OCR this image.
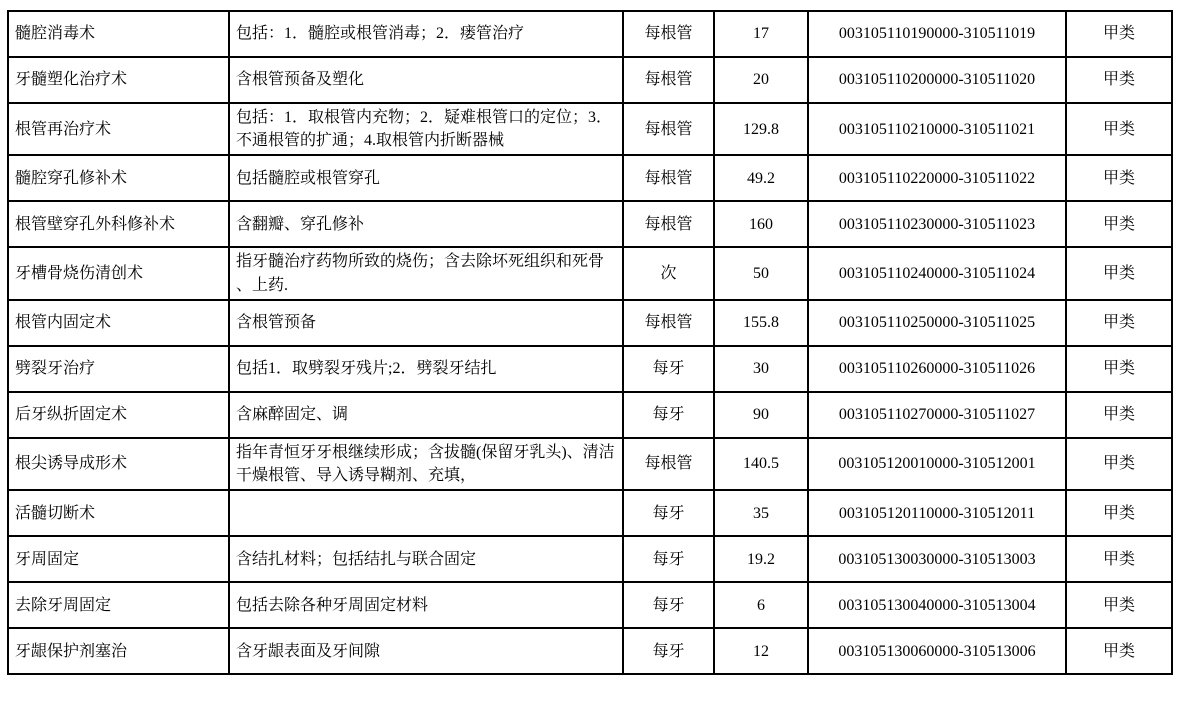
髓腔消毒术	包括：1．髓腔或根管消毒；2．瘘管治疗	每根管	17	003105110190000-310511019	甲类
牙髓塑化治疗术	含根管预备及塑化	每根管	20	003105110200000-310511020	甲类
根管再治疗术	包括：1．取根管内充物；2．疑难根管口的定位；3．不通根管的扩通；4.取根管内折断器械	每根管	129.8	003105110210000-310511021	甲类
髓腔穿孔修补术	包括髓腔或根管穿孔	每根管	49.2	003105110220000-310511022	甲类
根管壁穿孔外科修补术	含翻瓣、穿孔修补	每根管	160	003105110230000-310511023	甲类
牙槽骨烧伤清创术	指牙髓治疗药物所致的烧伤；含去除坏死组织和死骨、上药.	次	50	003105110240000-310511024	甲类
根管内固定术	含根管预备	每根管	155.8	003105110250000-310511025	甲类
劈裂牙治疗	包括1．取劈裂牙残片;2．劈裂牙结扎	每牙	30	003105110260000-310511026	甲类
后牙纵折固定术	含麻醉固定、调	每牙	90	003105110270000-310511027	甲类
根尖诱导成形术	指年青恒牙牙根继续形成；含拔髓(保留牙乳头)、清洁干燥根管、导入诱导糊剂、充填，	每根管	140.5	003105120010000-310512001	甲类
活髓切断术		每牙	35	003105120110000-310512011	甲类
牙周固定	含结扎材料；包括结扎与联合固定	每牙	19.2	003105130030000-310513003	甲类
去除牙周固定	包括去除各种牙周固定材料	每牙	6	003105130040000-310513004	甲类
牙龈保护剂塞治	含牙龈表面及牙间隙	每牙	12	003105130060000-310513006	甲类
